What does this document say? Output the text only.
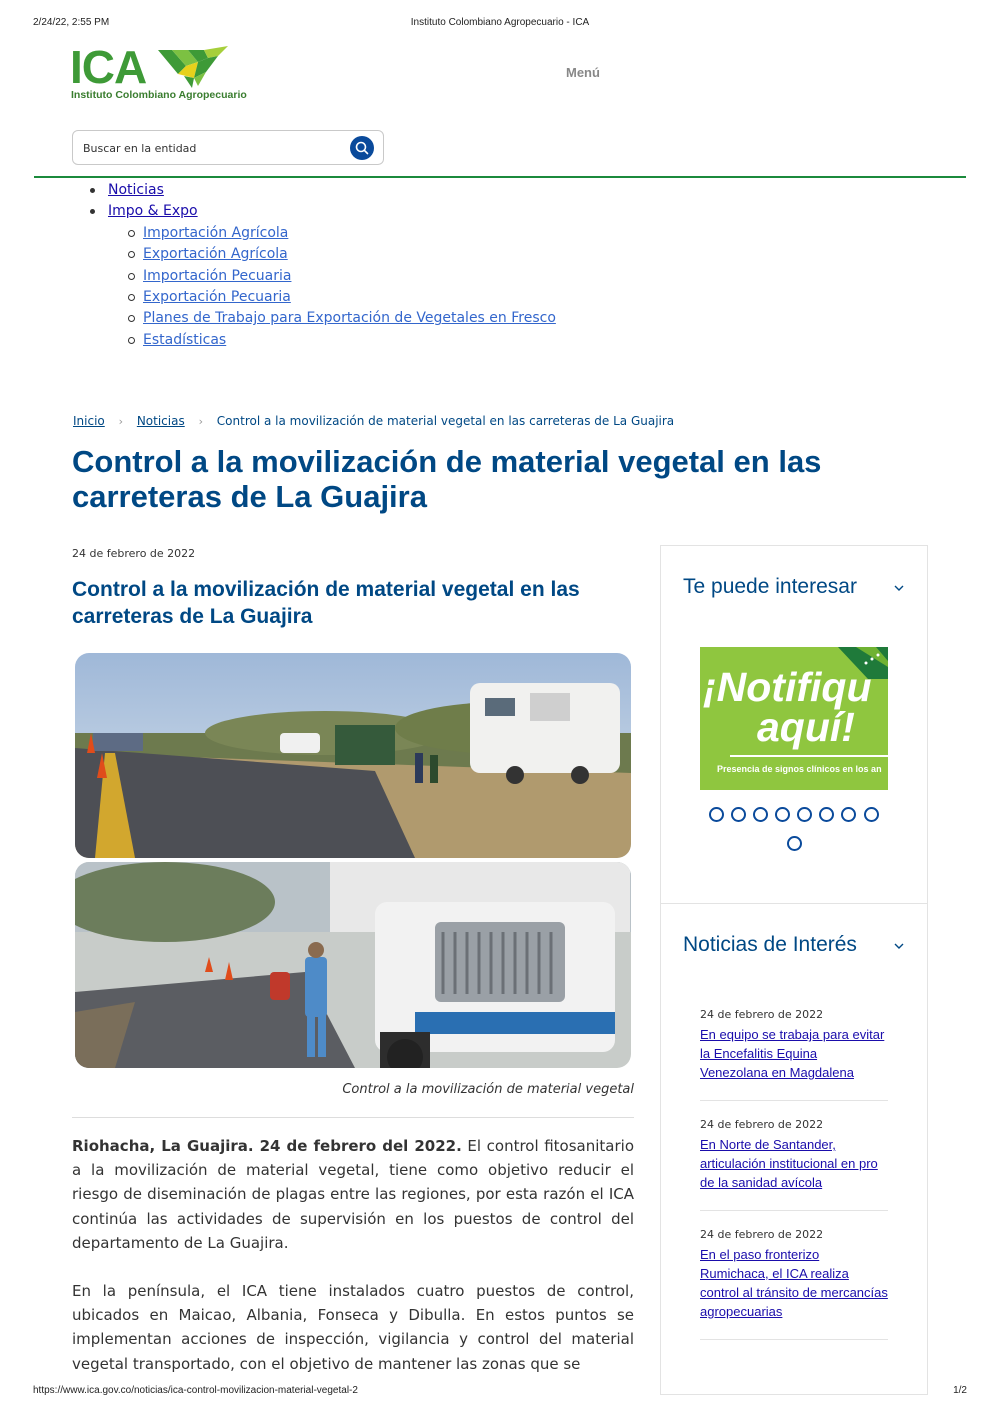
2/24/22, 2:55 PM	Instituto Colombiano Agropecuario - ICA
ICA
Instituto Colombiano Agropecuario
Menú
Buscar en la entidad
Noticias
Impo & Expo
Importación Agrícola
Exportación Agrícola
Importación Pecuaria
Exportación Pecuaria
Planes de Trabajo para Exportación de Vegetales en Fresco
Estadísticas
Inicio › Noticias › Control a la movilización de material vegetal en las carreteras de La Guajira
Control a la movilización de material vegetal en las carreteras de La Guajira
24 de febrero de 2022
Control a la movilización de material vegetal en las carreteras de La Guajira
Control a la movilización de material vegetal

Riohacha, La Guajira. 24 de febrero del 2022. El control fitosanitario a la movilización de material vegetal, tiene como objetivo reducir el riesgo de diseminación de plagas entre las regiones, por esta razón el ICA continúa las actividades de supervisión en los puestos de control del departamento de La Guajira.

En la península, el ICA tiene instalados cuatro puestos de control, ubicados en Maicao, Albania, Fonseca y Dibulla. En estos puntos se implementan acciones de inspección, vigilancia y control del material vegetal transportado, con el objetivo de mantener las zonas que se

Te puede interesar
¡Notifiqu
aquí!
Presencia de signos clínicos en los an
Noticias de Interés
24 de febrero de 2022
En equipo se trabaja para evitar la Encefalitis Equina Venezolana en Magdalena
24 de febrero de 2022
En Norte de Santander, articulación institucional en pro de la sanidad avícola
24 de febrero de 2022
En el paso fronterizo Rumichaca, el ICA realiza control al tránsito de mercancías agropecuarias
https://www.ica.gov.co/noticias/ica-control-movilizacion-material-vegetal-2	1/2
